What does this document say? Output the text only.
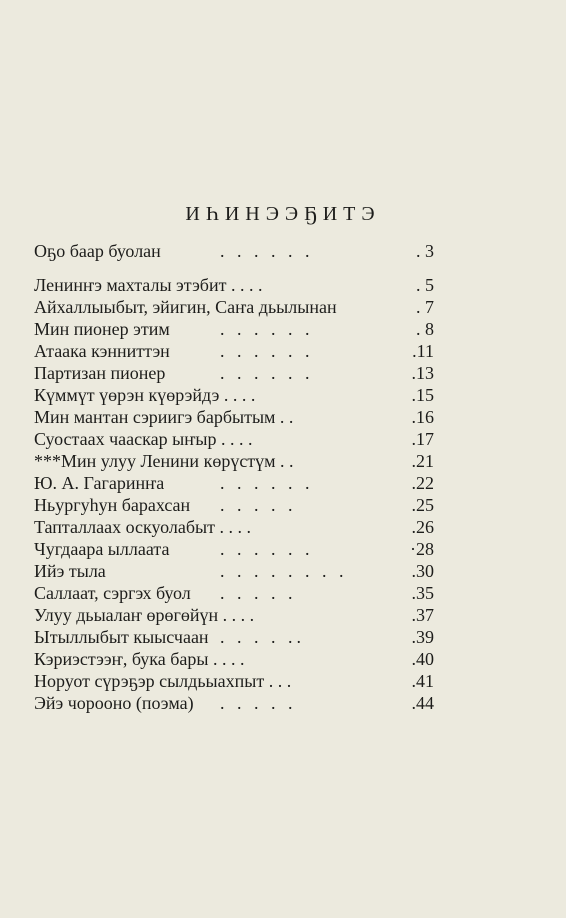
ИҺИНЭЭҔИТЭ
Оҕо баар буолан	. . . . . .	. 3
Ленинҥэ махталы этэбит . . . .	. 5
Айхаллыыбыт, эйигин, Саҥа дьылынан	. 7
Мин пионер этим	. . . . . .	. 8
Атаака кэнниттэн	. . . . . .	.11
Партизан пионер	. . . . . .	.13
Күммүт үөрэн күөрэйдэ . . . .	.15
Мин мантан сэриигэ барбытым . .	.16
Суостаах чааскар ыҥыр . . . .	.17
***Мин улуу Ленини көрүстүм . .	.21
Ю. А. Гагаринҥа	. . . . . .	.22
Ньургуһун барахсан . . . . .	.25
Тапталлаах оскуолабыт . . . .	.26
Чугдаара ыллаата	. . . . . .	·28
Ийэ тыла	. . . . . . . .	.30
Саллаат, сэргэх буол . . . . .	.35
Улуу дьыалаҥ өрөгөйүн . . . .	.37
Ытыллыбыт кыысчаан . . . . ..	.39
Кэриэстээҥ, бука бары . . . .	.40
Норуот сүрэҕэр сылдьыахпыт . . .	.41
Эйэ чорооно (поэма) . . . . .	.44
